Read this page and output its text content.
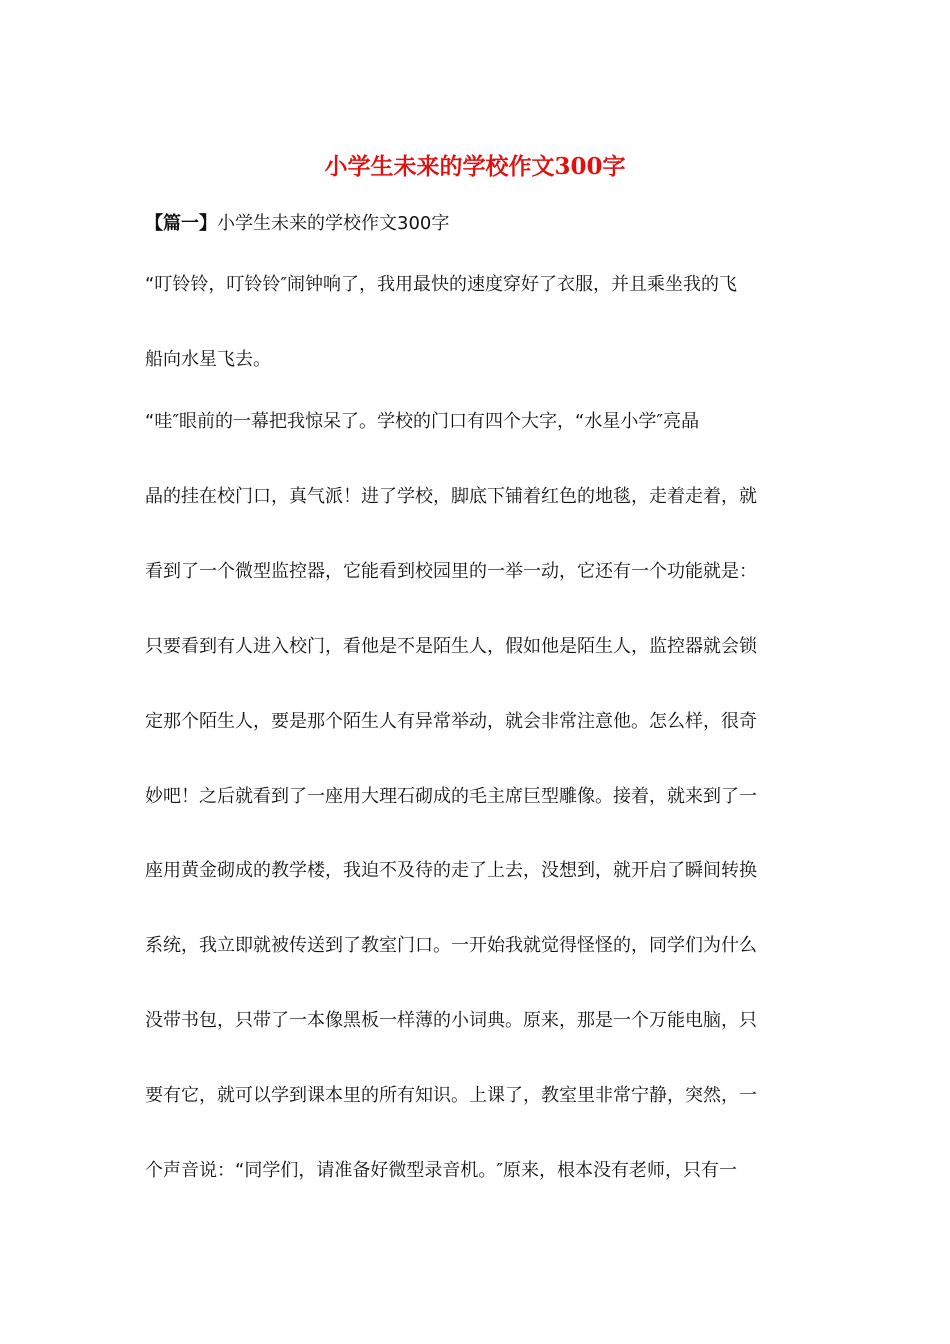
小学生未来的学校作文300字

【篇一】小学生未来的学校作文300字

“叮铃铃，叮铃铃″闹钟响了，我用最快的速度穿好了衣服，并且乘坐我的飞

船向水星飞去。

“哇″眼前的一幕把我惊呆了。学校的门口有四个大字，“水星小学″亮晶

晶的挂在校门口，真气派！进了学校，脚底下铺着红色的地毯，走着走着，就

看到了一个微型监控器，它能看到校园里的一举一动，它还有一个功能就是：

只要看到有人进入校门，看他是不是陌生人，假如他是陌生人，监控器就会锁

定那个陌生人，要是那个陌生人有异常举动，就会非常注意他。怎么样，很奇

妙吧！之后就看到了一座用大理石砌成的毛主席巨型雕像。接着，就来到了一

座用黄金砌成的教学楼，我迫不及待的走了上去，没想到，就开启了瞬间转换

系统，我立即就被传送到了教室门口。一开始我就觉得怪怪的，同学们为什么

没带书包，只带了一本像黑板一样薄的小词典。原来，那是一个万能电脑，只

要有它，就可以学到课本里的所有知识。上课了，教室里非常宁静，突然，一

个声音说：“同学们，请准备好微型录音机。″原来，根本没有老师，只有一
